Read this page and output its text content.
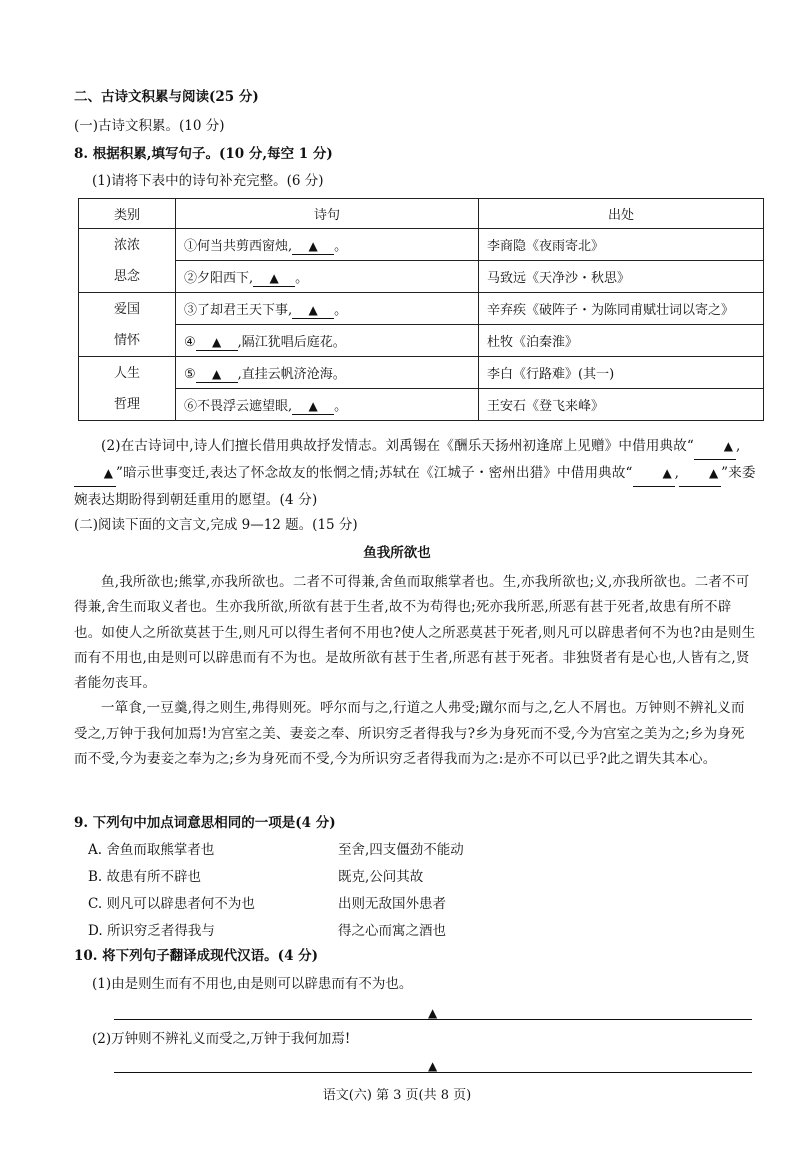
二、古诗文积累与阅读(25 分)
(一)古诗文积累。(10 分)
8. 根据积累,填写句子。(10 分,每空 1 分)
(1)请将下表中的诗句补充完整。(6 分)
类别	诗句	出处
浓浓
思念	①何当共剪西窗烛, ▲ 。	李商隐《夜雨寄北》
	②夕阳西下, ▲ 。	马致远《天净沙・秋思》
爱国
情怀	③了却君王天下事, ▲ 。	辛弃疾《破阵子・为陈同甫赋壮词以寄之》
	④ ▲ ,隔江犹唱后庭花。	杜牧《泊秦淮》
人生
哲理	⑤ ▲ ,直挂云帆济沧海。	李白《行路难》(其一)
	⑥不畏浮云遮望眼, ▲ 。	王安石《登飞来峰》

(2)在古诗词中,诗人们擅长借用典故抒发情志。刘禹锡在《酬乐天扬州初逢席上见赠》中借用典故“ ▲ ,▲ ”暗示世事变迁,表达了怀念故友的怅惘之情;苏轼在《江城子・密州出猎》中借用典故“ ▲ , ▲ ”来委婉表达期盼得到朝廷重用的愿望。(4 分)

(二)阅读下面的文言文,完成 9—12 题。(15 分)
鱼我所欲也

鱼,我所欲也;熊掌,亦我所欲也。二者不可得兼,舍鱼而取熊掌者也。生,亦我所欲也;义,亦我所欲也。二者不可得兼,舍生而取义者也。生亦我所欲,所欲有甚于生者,故不为苟得也;死亦我所恶,所恶有甚于死者,故患有所不辟也。如使人之所欲莫甚于生,则凡可以得生者何不用也?使人之所恶莫甚于死者,则凡可以辟患者何不为也?由是则生而有不用也,由是则可以辟患而有不为也。是故所欲有甚于生者,所恶有甚于死者。非独贤者有是心也,人皆有之,贤者能勿丧耳。

一箪食,一豆羹,得之则生,弗得则死。呼尔而与之,行道之人弗受;蹴尔而与之,乞人不屑也。万钟则不辨礼义而受之,万钟于我何加焉!为宫室之美、妻妾之奉、所识穷乏者得我与?乡为身死而不受,今为宫室之美为之;乡为身死而不受,今为妻妾之奉为之;乡为身死而不受,今为所识穷乏者得我而为之:是亦不可以已乎?此之谓失其本心。

9. 下列句中加点词意思相同的一项是(4 分)
A. 舍鱼而取熊掌者也	至舍,四支僵劲不能动
B. 故患有所不辟也	既克,公问其故
C. 则凡可以辟患者何不为也	出则无敌国外患者
D. 所识穷乏者得我与	得之心而寓之酒也
10. 将下列句子翻译成现代汉语。(4 分)
(1)由是则生而有不用也,由是则可以辟患而有不为也。
▲
(2)万钟则不辨礼义而受之,万钟于我何加焉!
▲
语文(六) 第 3 页(共 8 页)
